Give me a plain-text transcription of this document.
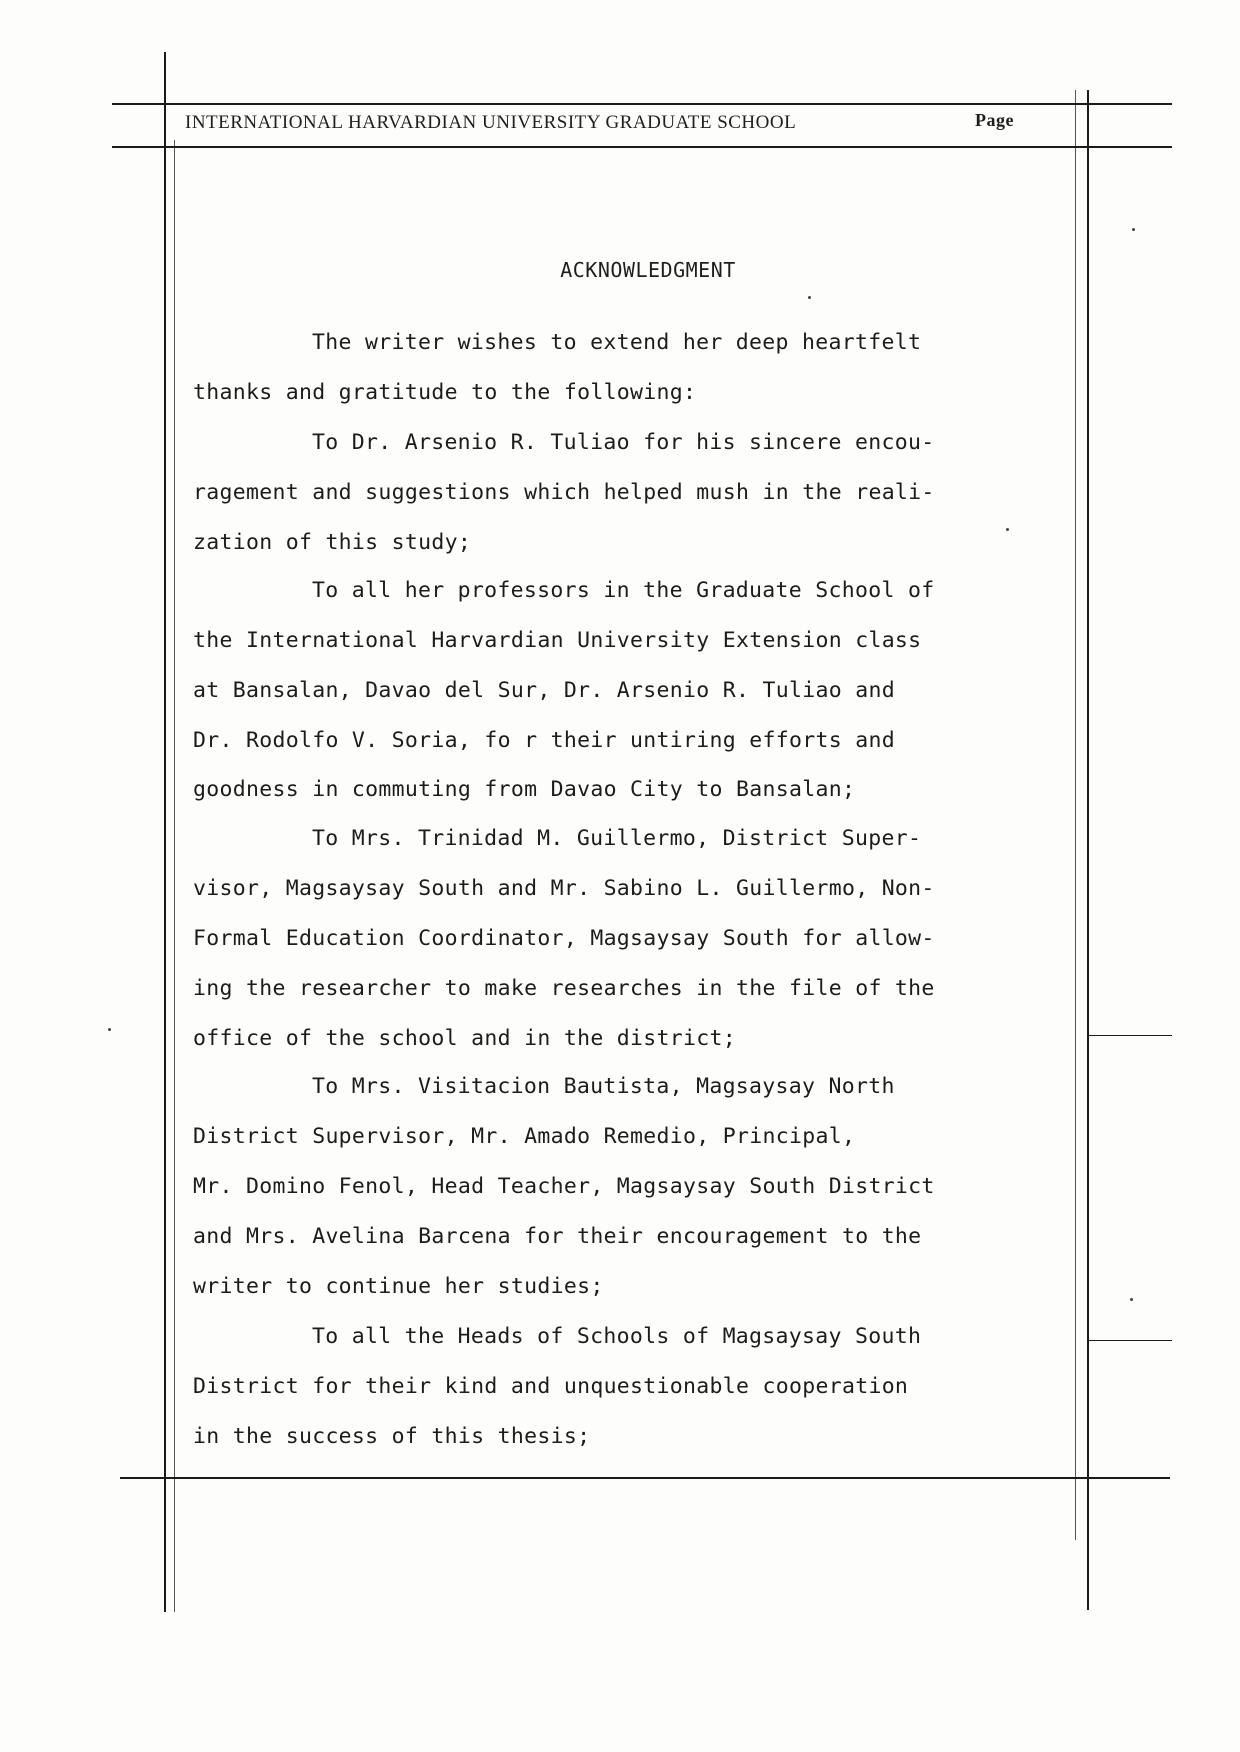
INTERNATIONAL HARVARDIAN UNIVERSITY GRADUATE SCHOOL	Page
ACKNOWLEDGMENT
The writer wishes to extend her deep heartfelt
thanks and gratitude to the following:
To Dr. Arsenio R. Tuliao for his sincere encou-
ragement and suggestions which helped mush in the reali-
zation of this study;
To all her professors in the Graduate School of
the International Harvardian University Extension class
at Bansalan, Davao del Sur, Dr. Arsenio R. Tuliao and
Dr. Rodolfo V. Soria, fo r their untiring efforts and
goodness in commuting from Davao City to Bansalan;
To Mrs. Trinidad M. Guillermo, District Super-
visor, Magsaysay South and Mr. Sabino L. Guillermo, Non-
Formal Education Coordinator, Magsaysay South for allow-
ing the researcher to make researches in the file of the
office of the school and in the district;
To Mrs. Visitacion Bautista, Magsaysay North
District Supervisor, Mr. Amado Remedio, Principal,
Mr. Domino Fenol, Head Teacher, Magsaysay South District
and Mrs. Avelina Barcena for their encouragement to the
writer to continue her studies;
To all the Heads of Schools of Magsaysay South
District for their kind and unquestionable cooperation
in the success of this thesis;
